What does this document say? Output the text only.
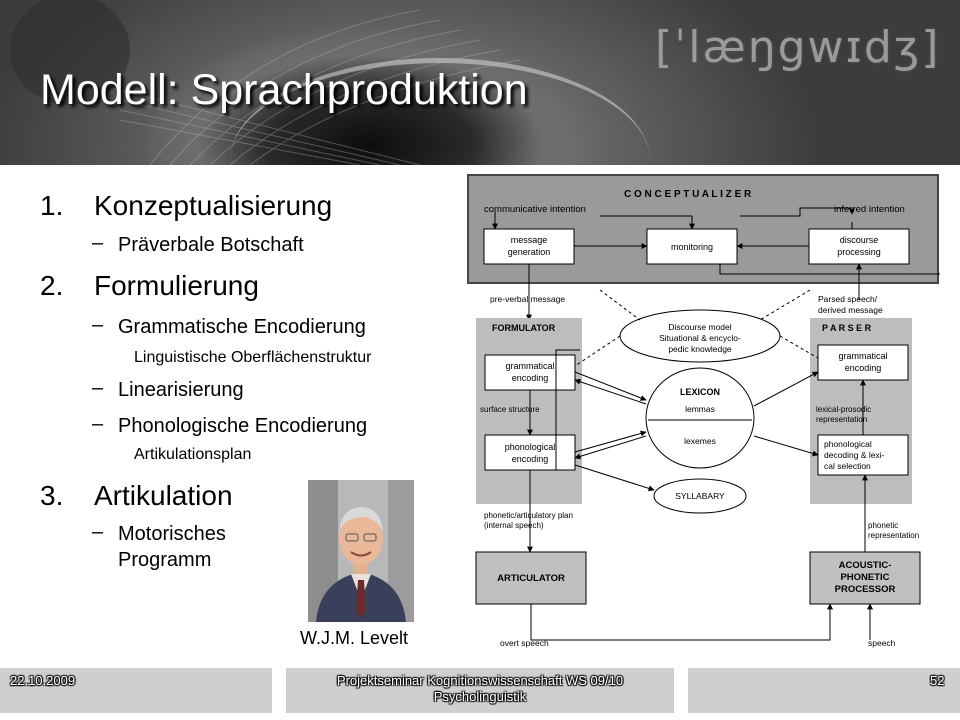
[ˈlæŋgwɪdʒ]
Modell: Sprachproduktion
1. Konzeptualisierung
– Präverbale Botschaft
2. Formulierung
– Grammatische Encodierung
Linguistische Oberflächenstruktur
– Linearisierung
– Phonologische Encodierung
Artikulationsplan
3. Artikulation
– Motorisches
Programm
W.J.M. Levelt
C O N C E P T U A L I Z E R
communicative intention	inferred intention
message
generation	monitoring
discourse
processing
pre-verbal message	Parsed speech/
derived message
FORMULATOR	P A R S E R
Discourse model
Situational & encyclo-
pedic knowledge
grammatical
encoding
grammatical
encoding
LEXICON
lemmas
lexemes
surface structure	lexical-prosodic
representation
phonological
encoding
phonological
decoding & lexi-
cal selection
SYLLABARY
phonetic/articulatory plan
(internal speech)	phonetic
representation
ARTICULATOR
ACOUSTIC-
PHONETIC
PROCESSOR
overt speech	speech
22.10.2009	Projektseminar Kognitionswissenschaft WS 09/10
Psycholinguistik
52
